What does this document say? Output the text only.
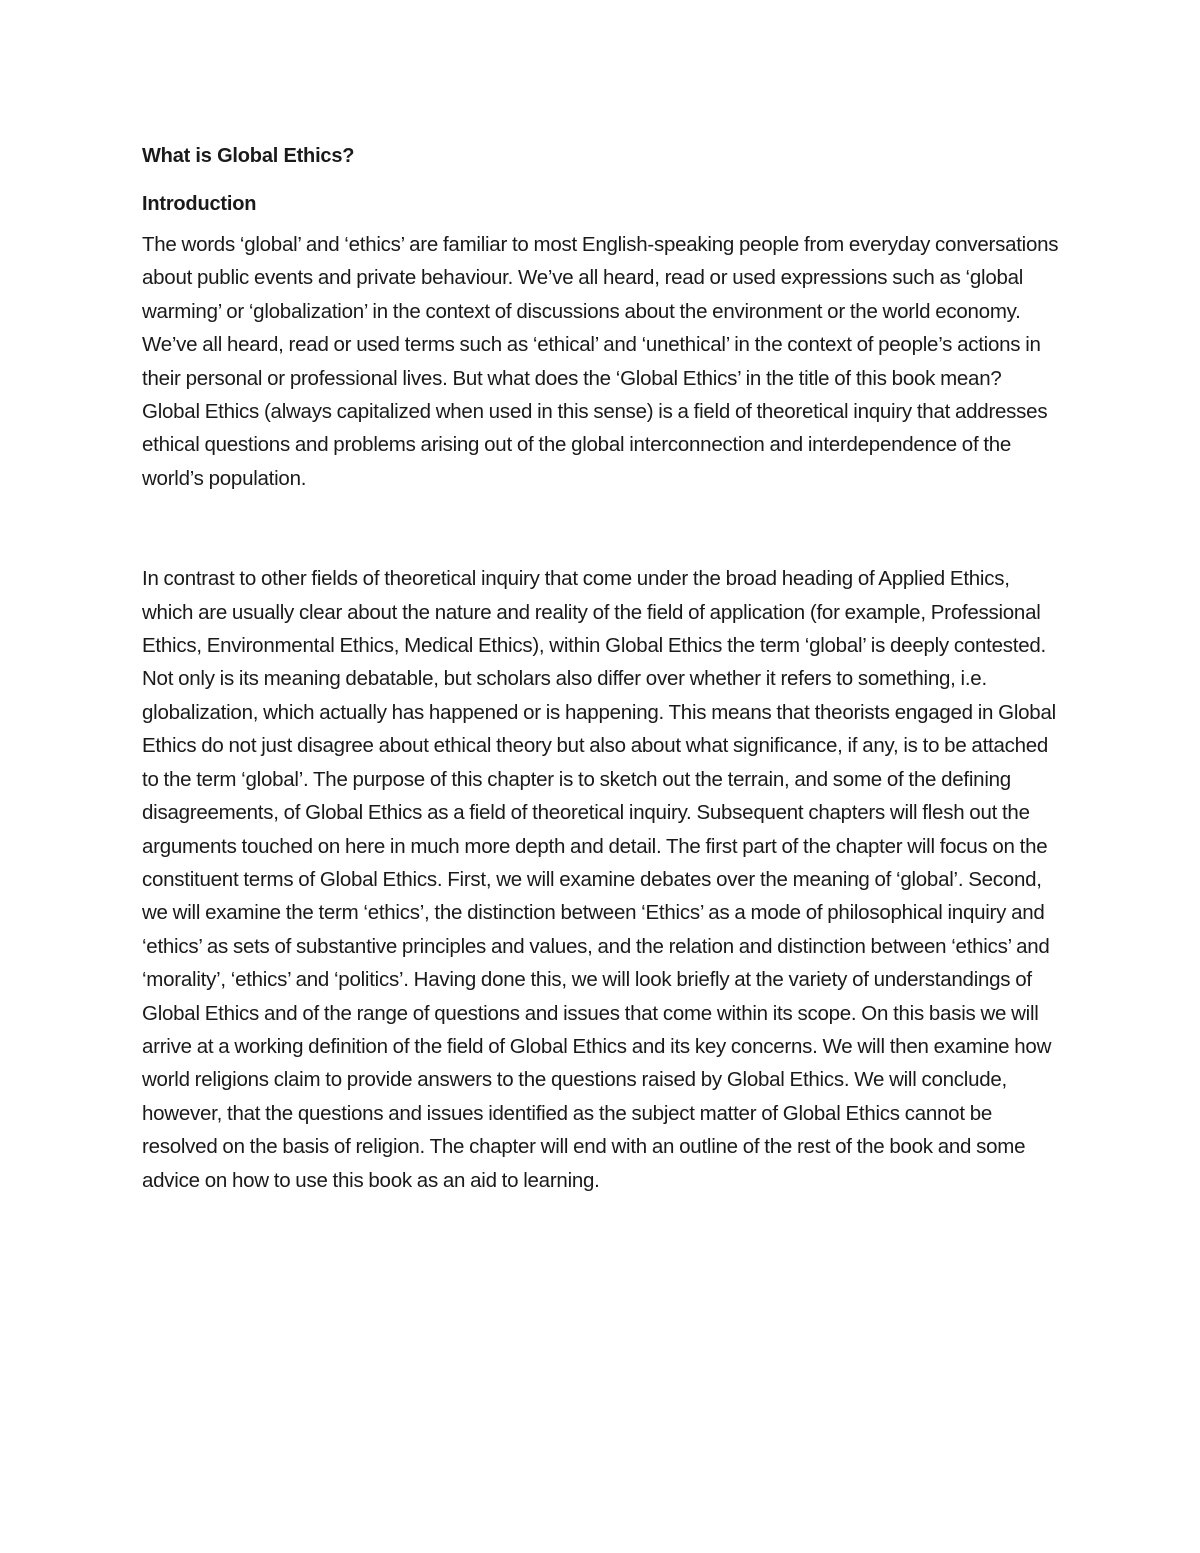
What is Global Ethics?

Introduction

The words ‘global’ and ‘ethics’ are familiar to most English-speaking people from everyday conversations about public events and private behaviour. We’ve all heard, read or used expressions such as ‘global warming’ or ‘globalization’ in the context of discussions about the environment or the world economy. We’ve all heard, read or used terms such as ‘ethical’ and ‘unethical’ in the context of people’s actions in their personal or professional lives. But what does the ‘Global Ethics’ in the title of this book mean? Global Ethics (always capitalized when used in this sense) is a field of theoretical inquiry that addresses ethical questions and problems arising out of the global interconnection and interdependence of the world’s population.

In contrast to other fields of theoretical inquiry that come under the broad heading of Applied Ethics, which are usually clear about the nature and reality of the field of application (for example, Professional Ethics, Environmental Ethics, Medical Ethics), within Global Ethics the term ‘global’ is deeply contested. Not only is its meaning debatable, but scholars also differ over whether it refers to something, i.e. globalization, which actually has happened or is happening. This means that theorists engaged in Global Ethics do not just disagree about ethical theory but also about what significance, if any, is to be attached to the term ‘global’. The purpose of this chapter is to sketch out the terrain, and some of the defining disagreements, of Global Ethics as a field of theoretical inquiry. Subsequent chapters will flesh out the arguments touched on here in much more depth and detail. The first part of the chapter will focus on the constituent terms of Global Ethics. First, we will examine debates over the meaning of ‘global’. Second, we will examine the term ‘ethics’, the distinction between ‘Ethics’ as a mode of philosophical inquiry and ‘ethics’ as sets of substantive principles and values, and the relation and distinction between ‘ethics’ and ‘morality’, ‘ethics’ and ‘politics’. Having done this, we will look briefly at the variety of understandings of Global Ethics and of the range of questions and issues that come within its scope. On this basis we will arrive at a working definition of the field of Global Ethics and its key concerns. We will then examine how world religions claim to provide answers to the questions raised by Global Ethics. We will conclude, however, that the questions and issues identified as the subject matter of Global Ethics cannot be resolved on the basis of religion. The chapter will end with an outline of the rest of the book and some advice on how to use this book as an aid to learning.
